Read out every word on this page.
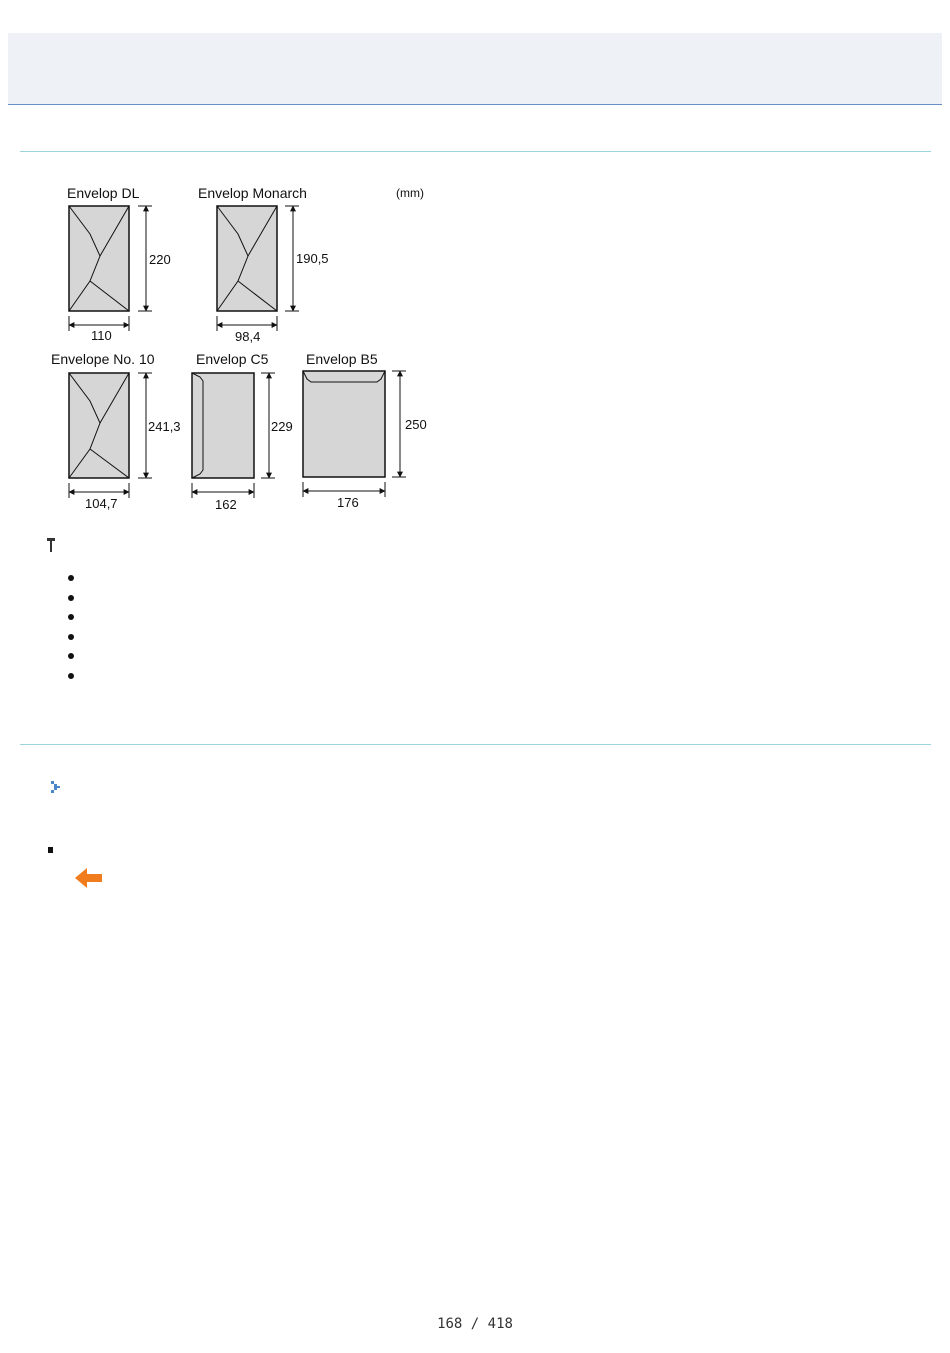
(mm)
Envelop DL
220
110
Envelop Monarch
190,5
98,4
Envelope No. 10
241,3
104,7
Envelop C5
229
162
Envelop B5
250
176
168 / 418
